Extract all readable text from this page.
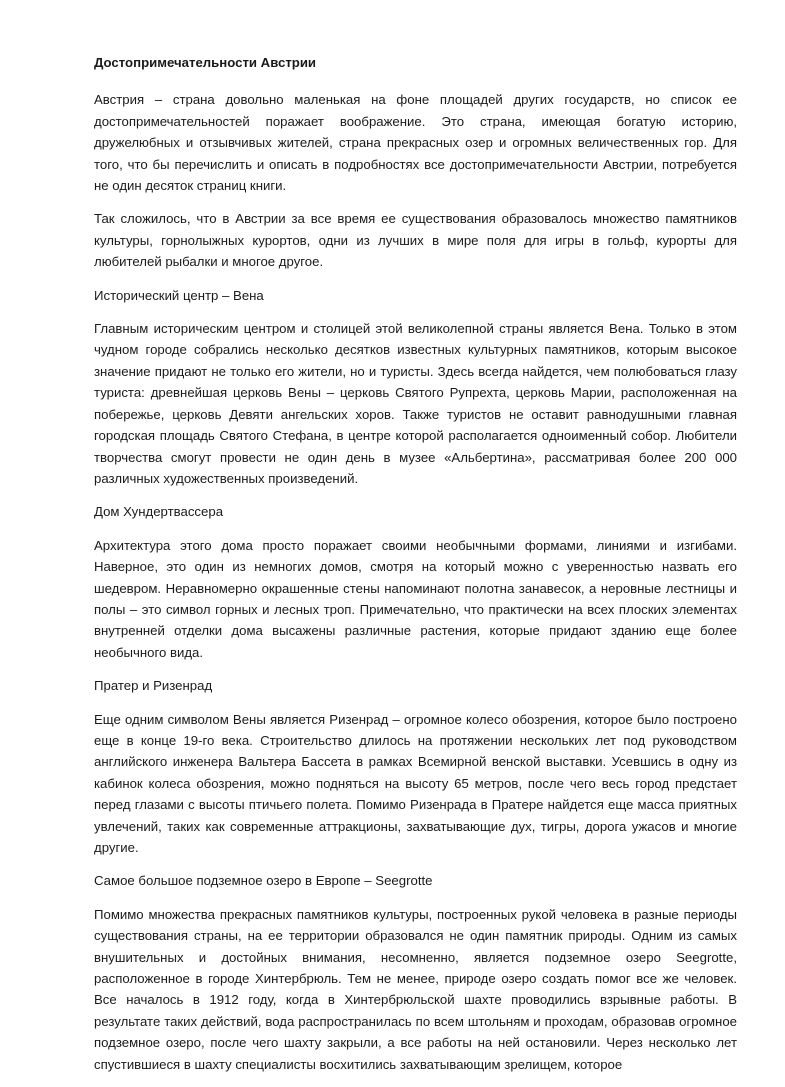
Достопримечательности Австрии

Австрия – страна довольно маленькая на фоне площадей других государств, но список ее достопримечательностей поражает воображение. Это страна, имеющая богатую историю, дружелюбных и отзывчивых жителей, страна прекрасных озер и огромных величественных гор. Для того, что бы перечислить и описать в подробностях все достопримечательности Австрии, потребуется не один десяток страниц книги.

Так сложилось, что в Австрии за все время ее существования образовалось множество памятников культуры, горнолыжных курортов, одни из лучших в мире поля для игры в гольф, курорты для любителей рыбалки и многое другое.

Исторический центр – Вена

Главным историческим центром и столицей этой великолепной страны является Вена. Только в этом чудном городе собрались несколько десятков известных культурных памятников, которым высокое значение придают не только его жители, но и туристы. Здесь всегда найдется, чем полюбоваться глазу туриста: древнейшая церковь Вены – церковь Святого Рупрехта, церковь Марии, расположенная на побережье, церковь Девяти ангельских хоров. Также туристов не оставит равнодушными главная городская площадь Святого Стефана, в центре которой располагается одноименный собор. Любители творчества смогут провести не один день в музее «Альбертина», рассматривая более 200 000 различных художественных произведений.

Дом Хундертвассера

Архитектура этого дома просто поражает своими необычными формами, линиями и изгибами. Наверное, это один из немногих домов, смотря на который можно с уверенностью назвать его шедевром. Неравномерно окрашенные стены напоминают полотна занавесок, а неровные лестницы и полы – это символ горных и лесных троп. Примечательно, что практически на всех плоских элементах внутренней отделки дома высажены различные растения, которые придают зданию еще более необычного вида.

Пратер и Ризенрад

Еще одним символом Вены является Ризенрад – огромное колесо обозрения, которое было построено еще в конце 19-го века. Строительство длилось на протяжении нескольких лет под руководством английского инженера Вальтера Бассета в рамках Всемирной венской выставки. Усевшись в одну из кабинок колеса обозрения, можно подняться на высоту 65 метров, после чего весь город предстает перед глазами с высоты птичьего полета. Помимо Ризенрада в Пратере найдется еще масса приятных увлечений, таких как современные аттракционы, захватывающие дух, тигры, дорога ужасов и многие другие.

Самое большое подземное озеро в Европе – Seegrotte

Помимо множества прекрасных памятников культуры, построенных рукой человека в разные периоды существования страны, на ее территории образовался не один памятник природы. Одним из самых внушительных и достойных внимания, несомненно, является подземное озеро Seegrotte, расположенное в городе Хинтербрюль. Тем не менее, природе озеро создать помог все же человек. Все началось в 1912 году, когда в Хинтербрюльской шахте проводились взрывные работы. В результате таких действий, вода распространилась по всем штольням и проходам, образовав огромное подземное озеро, после чего шахту закрыли, а все работы на ней остановили. Через несколько лет спустившиеся в шахту специалисты восхитились захватывающим зрелищем, которое
